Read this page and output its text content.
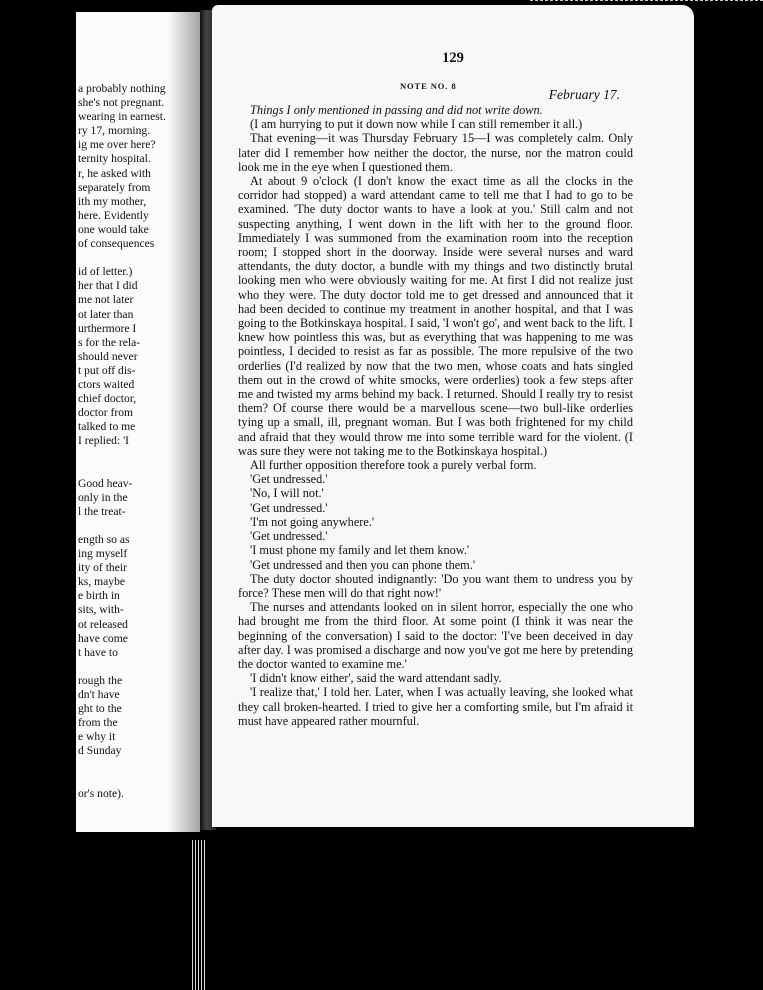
a probably nothing
she's not pregnant.
wearing in earnest.
ry 17, morning.
ig me over here?
ternity hospital.
r, he asked with
separately from
ith my mother,
here. Evidently
one would take
of consequences
id of letter.)
her that I did
me not later
ot later than
urthermore I
s for the rela-
should never
t put off dis-
ctors waited
chief doctor,
doctor from
talked to me
I replied: 'I
Good heav-
only in the
l the treat-
ength so as
ing myself
ity of their
ks, maybe
e birth in
sits, with-
ot released
have come
t have to
rough the
dn't have
ght to the
from the
e why it
d Sunday
or's note).
129
NOTE NO. 8
February 17.

Things I only mentioned in passing and did not write down.

(I am hurrying to put it down now while I can still remember it all.)

That evening—it was Thursday February 15—I was completely calm. Only later did I remember how neither the doctor, the nurse, nor the matron could look me in the eye when I questioned them.

At about 9 o'clock (I don't know the exact time as all the clocks in the corridor had stopped) a ward attendant came to tell me that I had to go to be examined. 'The duty doctor wants to have a look at you.' Still calm and not suspecting anything, I went down in the lift with her to the ground floor. Immediately I was summoned from the examination room into the reception room; I stopped short in the doorway. Inside were several nurses and ward attendants, the duty doctor, a bundle with my things and two distinctly brutal looking men who were obviously waiting for me. At first I did not realize just who they were. The duty doctor told me to get dressed and announced that it had been decided to continue my treatment in another hospital, and that I was going to the Botkinskaya hospital. I said, 'I won't go', and went back to the lift. I knew how pointless this was, but as everything that was happening to me was pointless, I decided to resist as far as possible. The more repulsive of the two orderlies (I'd realized by now that the two men, whose coats and hats singled them out in the crowd of white smocks, were orderlies) took a few steps after me and twisted my arms behind my back. I returned. Should I really try to resist them? Of course there would be a marvellous scene—two bull-like orderlies tying up a small, ill, pregnant woman. But I was both frightened for my child and afraid that they would throw me into some terrible ward for the violent. (I was sure they were not taking me to the Botkinskaya hospital.)

All further opposition therefore took a purely verbal form.

'Get undressed.'

'No, I will not.'

'Get undressed.'

'I'm not going anywhere.'

'Get undressed.'

'I must phone my family and let them know.'

'Get undressed and then you can phone them.'

The duty doctor shouted indignantly: 'Do you want them to undress you by force? These men will do that right now!'

The nurses and attendants looked on in silent horror, especially the one who had brought me from the third floor. At some point (I think it was near the beginning of the conversation) I said to the doctor: 'I've been deceived in day after day. I was promised a discharge and now you've got me here by pretending the doctor wanted to examine me.'

'I didn't know either', said the ward attendant sadly.

'I realize that,' I told her. Later, when I was actually leaving, she looked what they call broken-hearted. I tried to give her a comforting smile, but I'm afraid it must have appeared rather mournful.
